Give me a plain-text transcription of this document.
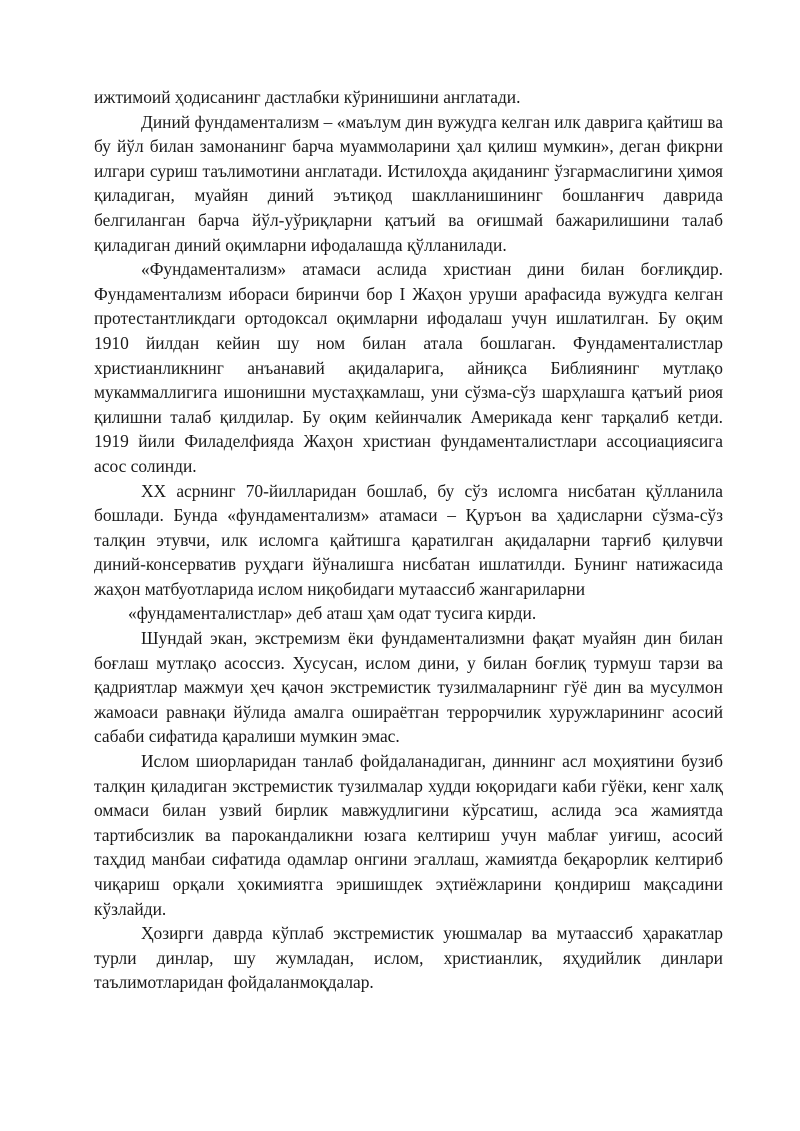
ижтимоий ҳодисанинг дастлабки кўринишини англатади.

Диний фундаментализм – «маълум дин вужудга келган илк даврига қайтиш ва бу йўл билан замонанинг барча муаммоларини ҳал қилиш мумкин», деган фикрни илгари суриш таълимотини англатади. Истилоҳда ақиданинг ўзгармаслигини ҳимоя қиладиган, муайян диний эътиқод шаклланишининг бошланғич даврида белгиланган барча йўл-уўриқларни қатъий ва оғишмай бажарилишини талаб қиладиган диний оқимларни ифодалашда қўлланилади.

«Фундаментализм» атамаси аслида христиан дини билан боғлиқдир. Фундаментализм ибораси биринчи бор I Жаҳон уруши арафасида вужудга келган протестантликдаги ортодоксал оқимларни ифодалаш учун ишлатилган. Бу оқим 1910 йилдан кейин шу ном билан атала бошлаган. Фундаменталистлар христианликнинг анъанавий ақидаларига, айниқса Библиянинг мутлақо мукаммаллигига ишонишни мустаҳкамлаш, уни сўзма-сўз шарҳлашга қатъий риоя қилишни талаб қилдилар. Бу оқим кейинчалик Америкада кенг тарқалиб кетди. 1919 йили Филаделфияда Жаҳон христиан фундаменталистлари ассоциациясига асос солинди.

XX асрнинг 70-йилларидан бошлаб, бу сўз исломга нисбатан қўлланила бошлади. Бунда «фундаментализм» атамаси – Қуръон ва ҳадисларни сўзма-сўз талқин этувчи, илк исломга қайтишга қаратилган ақидаларни тарғиб қилувчи диний-консерватив руҳдаги йўналишга нисбатан ишлатилди. Бунинг натижасида жаҳон матбуотларида ислом ниқобидаги мутаассиб жангариларни

«фундаменталистлар» деб аташ ҳам одат тусига кирди.

Шундай экан, экстремизм ёки фундаментализмни фақат муайян дин билан боғлаш мутлақо асоссиз. Хусусан, ислом дини, у билан боғлиқ турмуш тарзи ва қадриятлар мажмуи ҳеч қачон экстремистик тузилмаларнинг гўё дин ва мусулмон жамоаси равнақи йўлида амалга ошираётган террорчилик хуружларининг асосий сабаби сифатида қаралиши мумкин эмас.

Ислом шиорларидан танлаб фойдаланадиган, диннинг асл моҳиятини бузиб талқин қиладиган экстремистик тузилмалар худди юқоридаги каби гўёки, кенг халқ оммаси билан узвий бирлик мавжудлигини кўрсатиш, аслида эса жамиятда тартибсизлик ва парокандаликни юзага келтириш учун маблағ уиғиш, асосий таҳдид манбаи сифатида одамлар онгини эгаллаш, жамиятда беқарорлик келтириб чиқариш орқали ҳокимиятга эришишдек эҳтиёжларини қондириш мақсадини кўзлайди.

Ҳозирги даврда кўплаб экстремистик уюшмалар ва мутаассиб ҳаракатлар турли динлар, шу жумладан, ислом, христианлик, яҳудийлик динлари таълимотларидан фойдаланмоқдалар.
